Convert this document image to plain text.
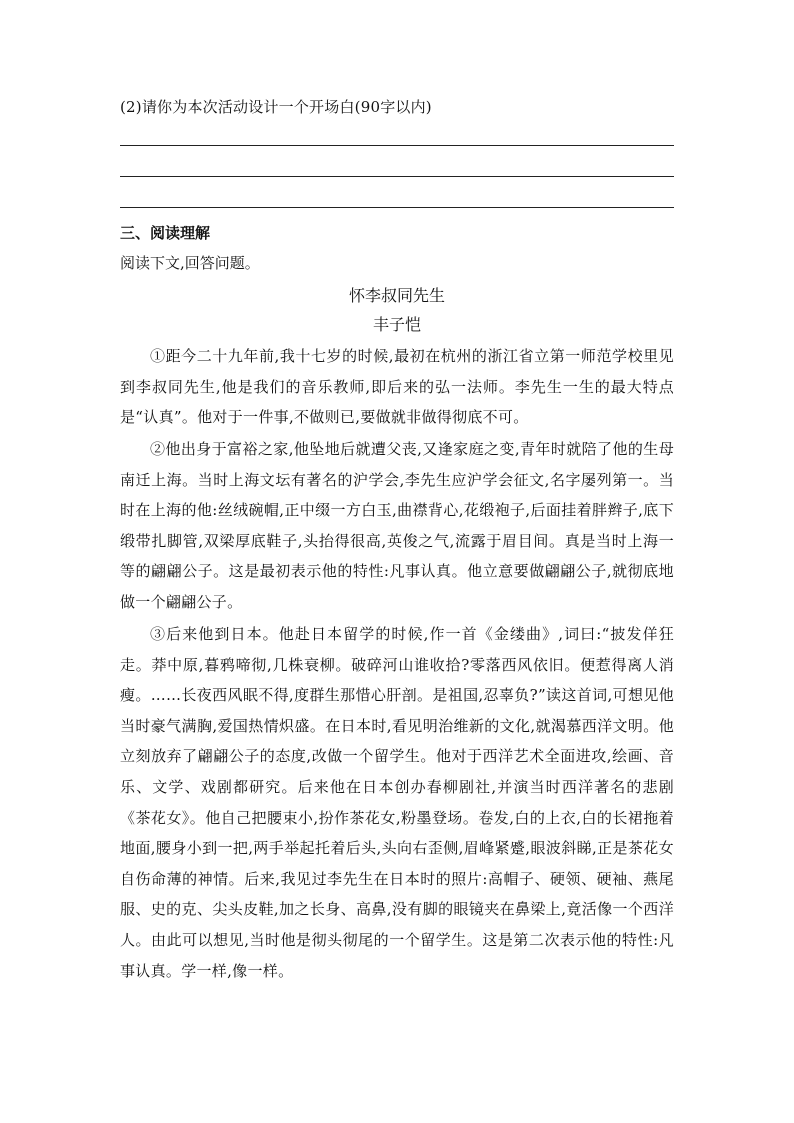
(2)请你为本次活动设计一个开场白(90字以内)
三、阅读理解
阅读下文,回答问题。
怀李叔同先生
丰子恺

①距今二十九年前,我十七岁的时候,最初在杭州的浙江省立第一师范学校里见到李叔同先生,他是我们的音乐教师,即后来的弘一法师。李先生一生的最大特点是“认真”。他对于一件事,不做则已,要做就非做得彻底不可。

②他出身于富裕之家,他坠地后就遭父丧,又逢家庭之变,青年时就陪了他的生母南迁上海。当时上海文坛有著名的沪学会,李先生应沪学会征文,名字屡列第一。当时在上海的他:丝绒碗帽,正中缀一方白玉,曲襟背心,花缎袍子,后面挂着胖辫子,底下缎带扎脚管,双梁厚底鞋子,头抬得很高,英俊之气,流露于眉目间。真是当时上海一等的翩翩公子。这是最初表示他的特性:凡事认真。他立意要做翩翩公子,就彻底地做一个翩翩公子。

③后来他到日本。他赴日本留学的时候,作一首《金缕曲》,词曰:“披发佯狂走。莽中原,暮鸦啼彻,几株衰柳。破碎河山谁收拾?零落西风依旧。便惹得离人消瘦。……长夜西风眠不得,度群生那惜心肝剖。是祖国,忍辜负?”读这首词,可想见他当时豪气满胸,爱国热情炽盛。在日本时,看见明治维新的文化,就渴慕西洋文明。他立刻放弃了翩翩公子的态度,改做一个留学生。他对于西洋艺术全面进攻,绘画、音乐、文学、戏剧都研究。后来他在日本创办春柳剧社,并演当时西洋著名的悲剧《茶花女》。他自己把腰束小,扮作茶花女,粉墨登场。卷发,白的上衣,白的长裙拖着地面,腰身小到一把,两手举起托着后头,头向右歪侧,眉峰紧蹙,眼波斜睇,正是茶花女自伤命薄的神情。后来,我见过李先生在日本时的照片:高帽子、硬领、硬袖、燕尾服、史的克、尖头皮鞋,加之长身、高鼻,没有脚的眼镜夹在鼻梁上,竟活像一个西洋人。由此可以想见,当时他是彻头彻尾的一个留学生。这是第二次表示他的特性:凡事认真。学一样,像一样。
